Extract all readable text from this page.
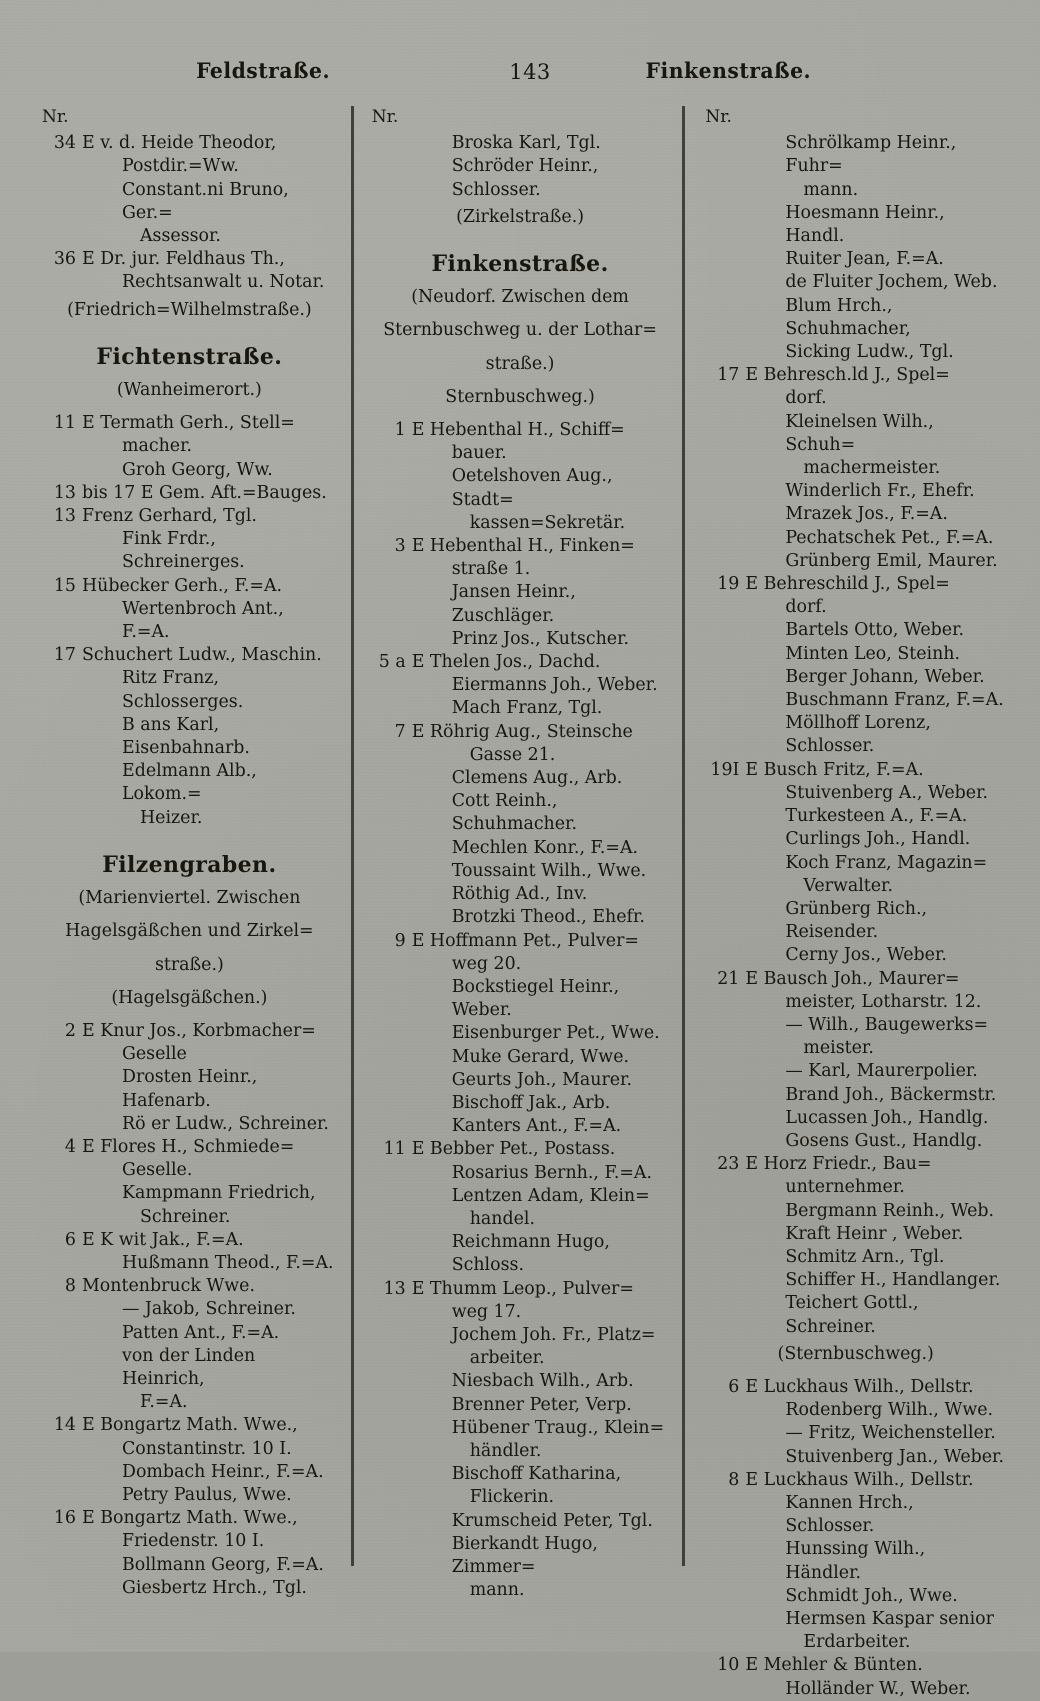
Feldstraße.	143	Finkenstraße.
Nr.
34 E v. d. Heide Theodor,
Postdir.=Ww.
Constant.ni Bruno, Ger.=
Assessor.
36 E Dr. jur. Feldhaus Th.,
Rechtsanwalt u. Notar.
(Friedrich=Wilhelmstraße.)
Fichtenstraße.
(Wanheimerort.)
11 E Termath Gerh., Stell=
macher.
Groh Georg, Ww.
13 bis 17 E Gem. Aft.=Bauges.
13 Frenz Gerhard, Tgl.
Fink Frdr., Schreinerges.
15 Hübecker Gerh., F.=A.
Wertenbroch Ant., F.=A.
17 Schuchert Ludw., Maschin.
Ritz Franz, Schlosserges.
B ans Karl, Eisenbahnarb.
Edelmann Alb., Lokom.=
Heizer.
Filzengraben.
(Marienviertel. Zwischen
Hagelsgäßchen und Zirkel=
straße.)
(Hagelsgäßchen.)
2 E Knur Jos., Korbmacher=
Geselle
Drosten Heinr., Hafenarb.
Rö er Ludw., Schreiner.
4 E Flores H., Schmiede=
Geselle.
Kampmann Friedrich,
Schreiner.
6 E K wit Jak., F.=A.
Hußmann Theod., F.=A.
8 Montenbruck Wwe.
— Jakob, Schreiner.
Patten Ant., F.=A.
von der Linden Heinrich,
F.=A.
14 E Bongartz Math. Wwe.,
Constantinstr. 10 I.
Dombach Heinr., F.=A.
Petry Paulus, Wwe.
16 E Bongartz Math. Wwe.,
Friedenstr. 10 I.
Bollmann Georg, F.=A.
Giesbertz Hrch., Tgl.
Nr.
Broska Karl, Tgl.
Schröder Heinr., Schlosser.
(Zirkelstraße.)
Finkenstraße.
(Neudorf. Zwischen dem
Sternbuschweg u. der Lothar=
straße.)
Sternbuschweg.)
1 E Hebenthal H., Schiff=
bauer.
Oetelshoven Aug., Stadt=
kassen=Sekretär.
3 E Hebenthal H., Finken=
straße 1.
Jansen Heinr., Zuschläger.
Prinz Jos., Kutscher.
5 a E Thelen Jos., Dachd.
Eiermanns Joh., Weber.
Mach Franz, Tgl.
7 E Röhrig Aug., Steinsche
Gasse 21.
Clemens Aug., Arb.
Cott Reinh., Schuhmacher.
Mechlen Konr., F.=A.
Toussaint Wilh., Wwe.
Röthig Ad., Inv.
Brotzki Theod., Ehefr.
9 E Hoffmann Pet., Pulver=
weg 20.
Bockstiegel Heinr., Weber.
Eisenburger Pet., Wwe.
Muke Gerard, Wwe.
Geurts Joh., Maurer.
Bischoff Jak., Arb.
Kanters Ant., F.=A.
11 E Bebber Pet., Postass.
Rosarius Bernh., F.=A.
Lentzen Adam, Klein=
handel.
Reichmann Hugo, Schloss.
13 E Thumm Leop., Pulver=
weg 17.
Jochem Joh. Fr., Platz=
arbeiter.
Niesbach Wilh., Arb.
Brenner Peter, Verp.
Hübener Traug., Klein=
händler.
Bischoff Katharina,
Flickerin.
Krumscheid Peter, Tgl.
Bierkandt Hugo, Zimmer=
mann.
Nr.
Schrölkamp Heinr., Fuhr=
mann.
Hoesmann Heinr., Handl.
Ruiter Jean, F.=A.
de Fluiter Jochem, Web.
Blum Hrch., Schuhmacher,
Sicking Ludw., Tgl.
17 E Behresch.ld J., Spel=
dorf.
Kleinelsen Wilh., Schuh=
machermeister.
Winderlich Fr., Ehefr.
Mrazek Jos., F.=A.
Pechatschek Pet., F.=A.
Grünberg Emil, Maurer.
19 E Behreschild J., Spel=
dorf.
Bartels Otto, Weber.
Minten Leo, Steinh.
Berger Johann, Weber.
Buschmann Franz, F.=A.
Möllhoff Lorenz, Schlosser.
19I E Busch Fritz, F.=A.
Stuivenberg A., Weber.
Turkesteen A., F.=A.
Curlings Joh., Handl.
Koch Franz, Magazin=
Verwalter.
Grünberg Rich., Reisender.
Cerny Jos., Weber.
21 E Bausch Joh., Maurer=
meister, Lotharstr. 12.
— Wilh., Baugewerks=
meister.
— Karl, Maurerpolier.
Brand Joh., Bäckermstr.
Lucassen Joh., Handlg.
Gosens Gust., Handlg.
23 E Horz Friedr., Bau=
unternehmer.
Bergmann Reinh., Web.
Kraft Heinr , Weber.
Schmitz Arn., Tgl.
Schiffer H., Handlanger.
Teichert Gottl., Schreiner.
(Sternbuschweg.)
6 E Luckhaus Wilh., Dellstr.
Rodenberg Wilh., Wwe.
— Fritz, Weichensteller.
Stuivenberg Jan., Weber.
8 E Luckhaus Wilh., Dellstr.
Kannen Hrch., Schlosser.
Hunssing Wilh., Händler.
Schmidt Joh., Wwe.
Hermsen Kaspar senior
Erdarbeiter.
10 E Mehler & Bünten.
Holländer W., Weber.
